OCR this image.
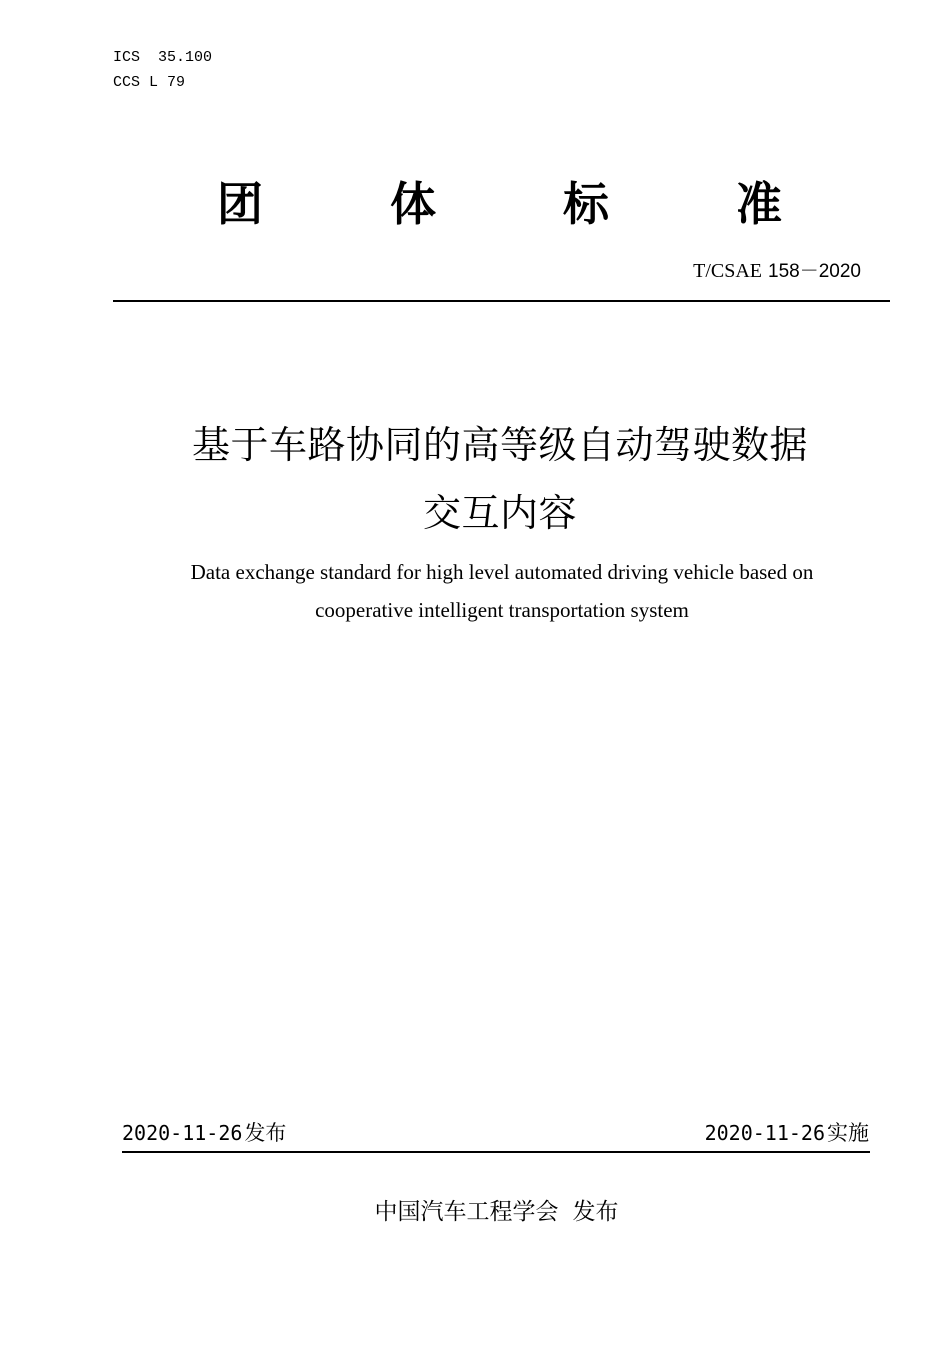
ICS  35.100
CCS L 79
团	体	标	准
T/CSAE 158－2020
基于车路协同的高等级自动驾驶数据
交互内容
Data exchange standard for high level automated driving vehicle based on
cooperative intelligent transportation system
2020-11-26发布	2020-11-26实施
中国汽车工程学会 发布
